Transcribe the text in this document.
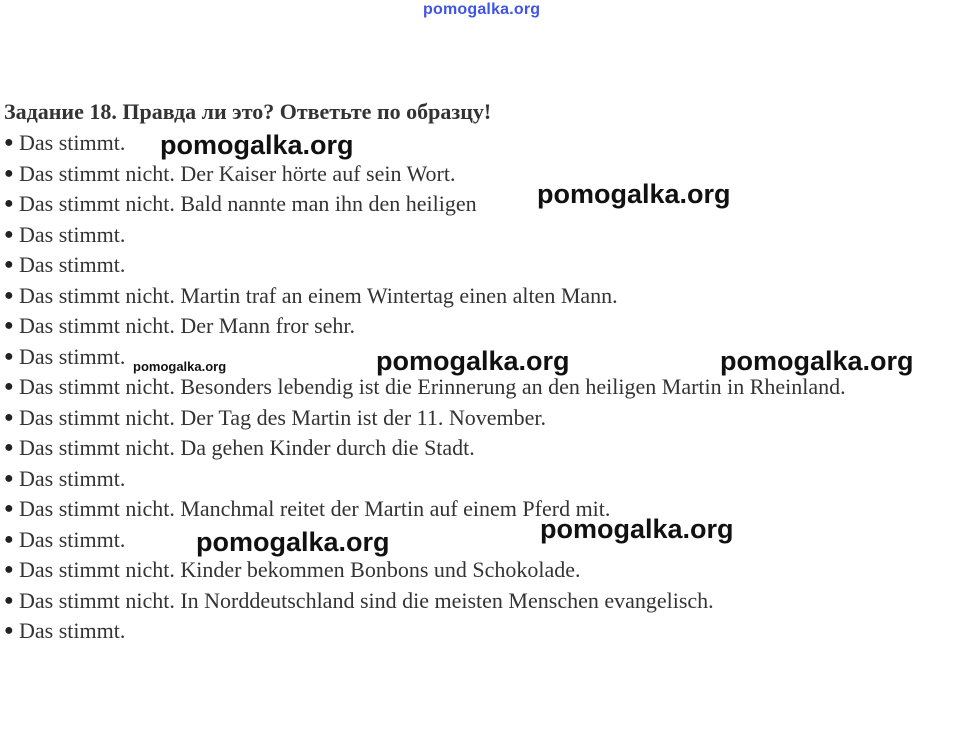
pomogalka.org
Задание 18. Правда ли это? Ответьте по образцу!
● Das stimmt.
● Das stimmt nicht. Der Kaiser hörte auf sein Wort.
● Das stimmt nicht. Bald nannte man ihn den heiligen
● Das stimmt.
● Das stimmt.
● Das stimmt nicht. Martin traf an einem Wintertag einen alten Mann.
● Das stimmt nicht. Der Mann fror sehr.
● Das stimmt.
● Das stimmt nicht. Besonders lebendig ist die Erinnerung an den heiligen Martin in Rheinland.
● Das stimmt nicht. Der Tag des Martin ist der 11. November.
● Das stimmt nicht. Da gehen Kinder durch die Stadt.
● Das stimmt.
● Das stimmt nicht. Manchmal reitet der Martin auf einem Pferd mit.
● Das stimmt.
● Das stimmt nicht. Kinder bekommen Bonbons und Schokolade.
● Das stimmt nicht. In Norddeutschland sind die meisten Menschen evangelisch.
● Das stimmt.
pomogalka.org
pomogalka.org
pomogalka.org	pomogalka.org	pomogalka.org
pomogalka.org
pomogalka.org
